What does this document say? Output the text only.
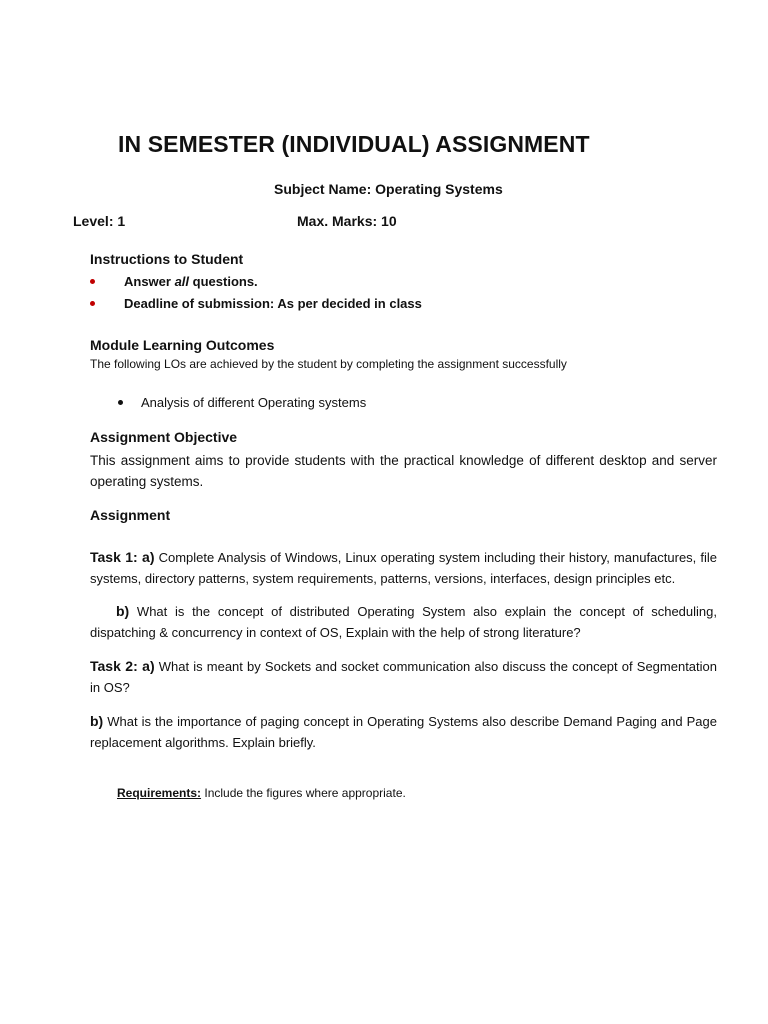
IN SEMESTER (INDIVIDUAL) ASSIGNMENT
Subject Name: Operating Systems
Level: 1	Max. Marks: 10
Instructions to Student
Answer all questions.
Deadline of submission: As per decided in class
Module Learning Outcomes
The following LOs are achieved by the student by completing the assignment successfully
Analysis of different Operating systems
Assignment Objective
This assignment aims to provide students with the practical knowledge of different desktop and server operating systems.
Assignment
Task 1: a) Complete Analysis of Windows, Linux operating system including their history, manufactures, file systems, directory patterns, system requirements, patterns, versions, interfaces, design principles etc.
b) What is the concept of distributed Operating System also explain the concept of scheduling, dispatching & concurrency in context of OS, Explain with the help of strong literature?
Task 2: a) What is meant by Sockets and socket communication also discuss the concept of Segmentation in OS?
b) What is the importance of paging concept in Operating Systems also describe Demand Paging and Page replacement algorithms. Explain briefly.
Requirements: Include the figures where appropriate.
